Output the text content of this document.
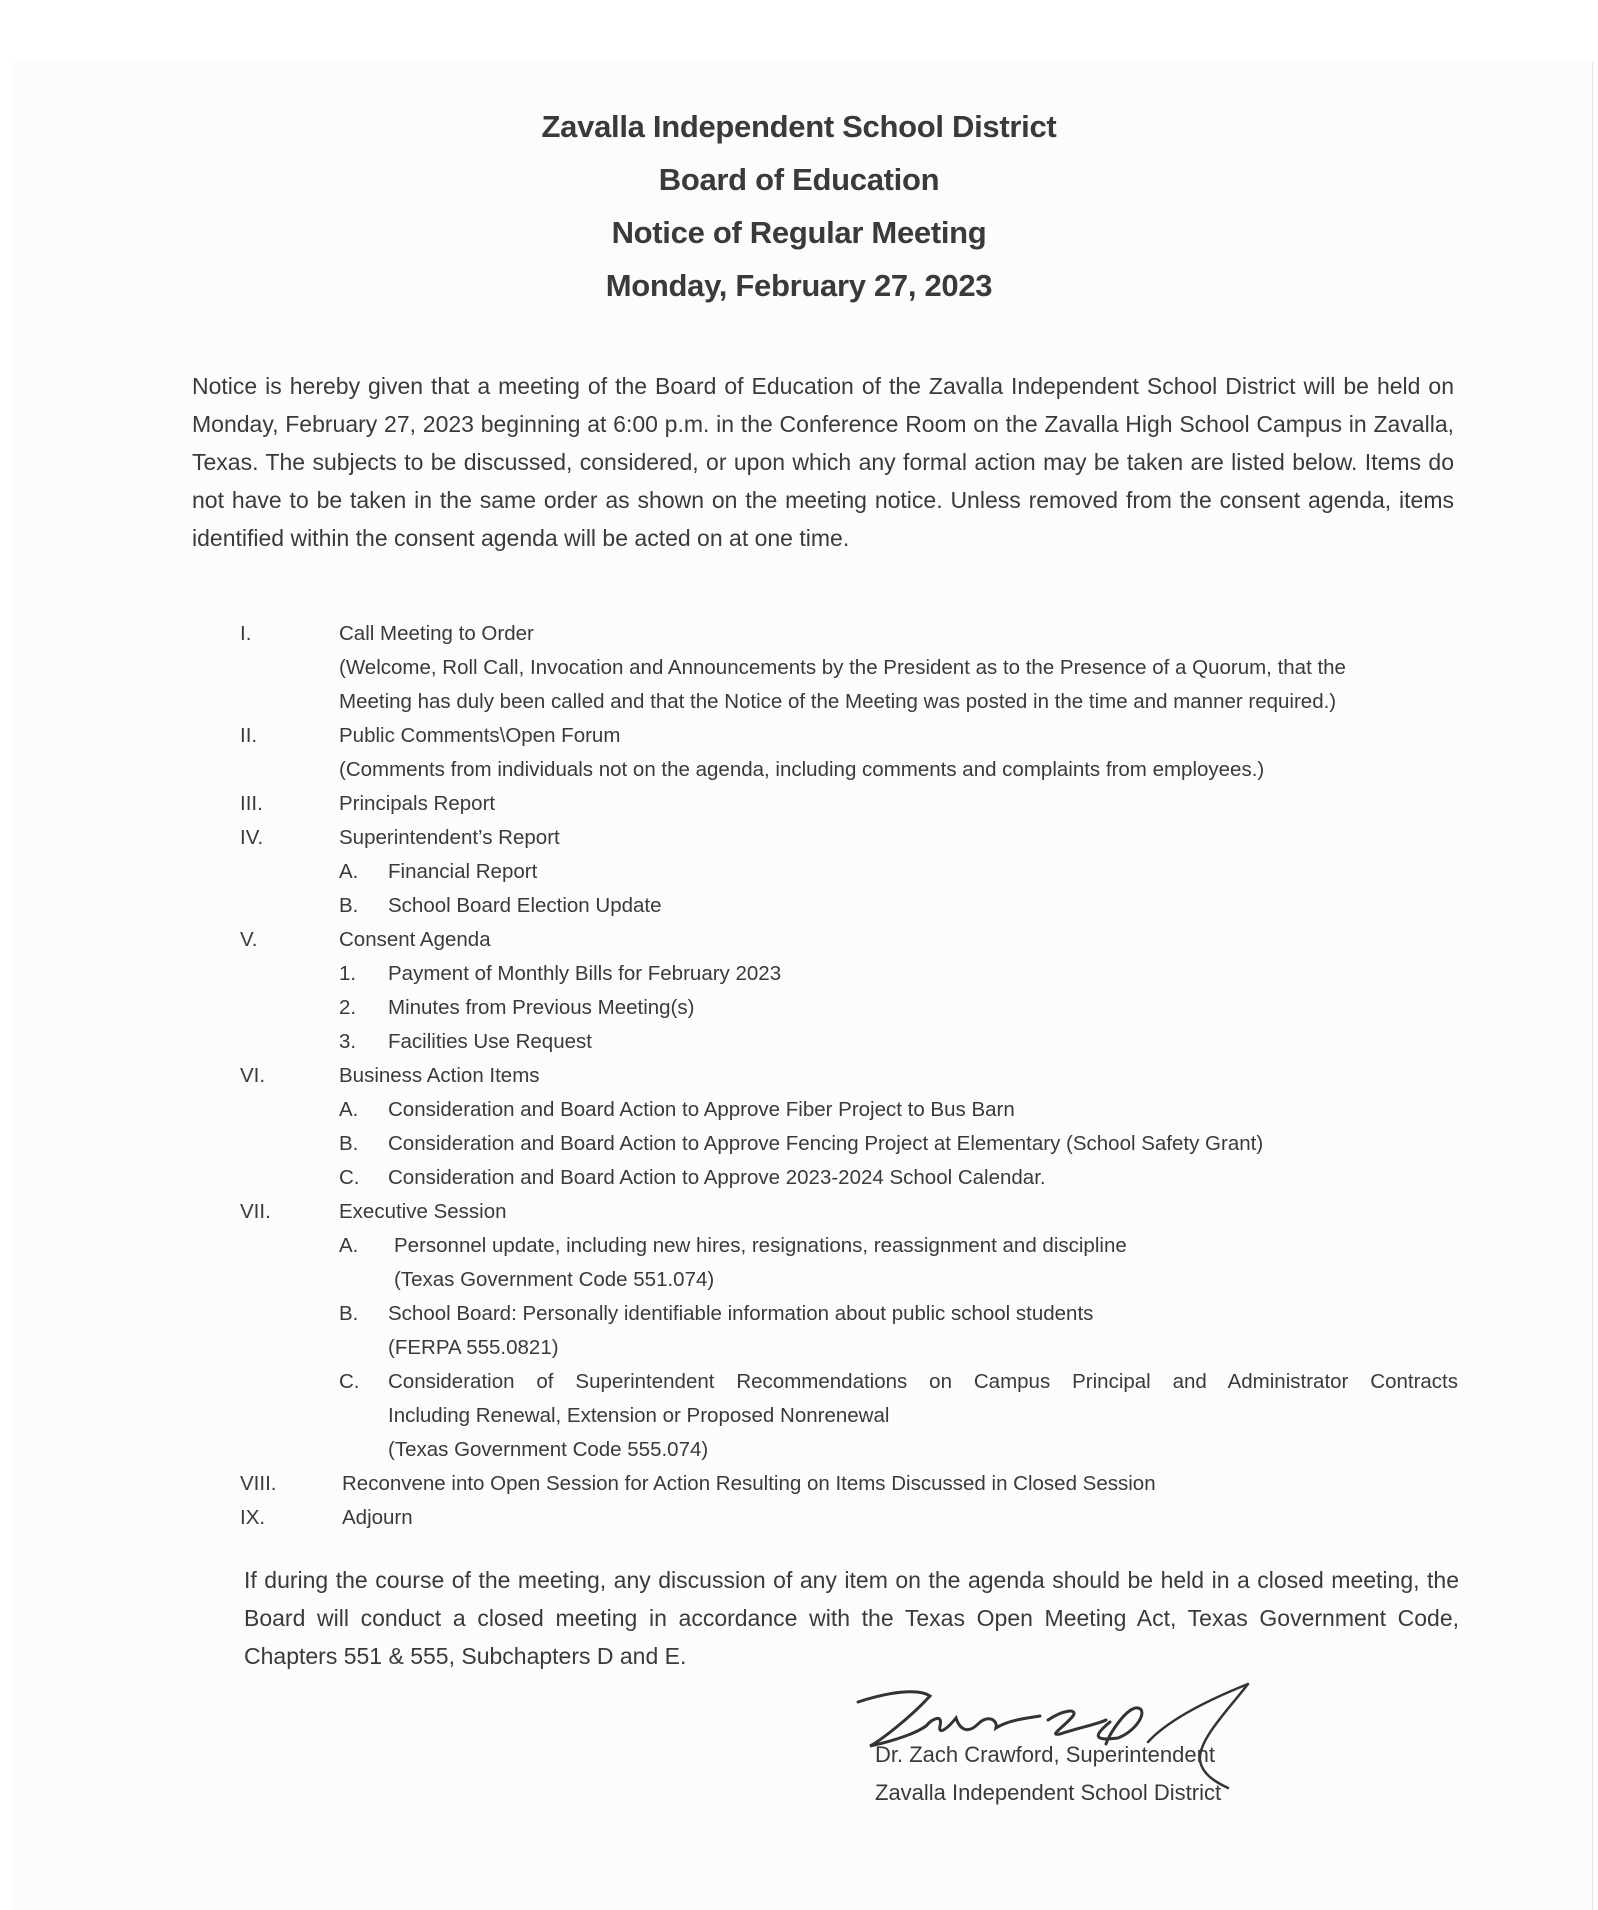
Zavalla Independent School District
Board of Education
Notice of Regular Meeting
Monday, February 27, 2023
Notice is hereby given that a meeting of the Board of Education of the Zavalla Independent School District will be held on Monday, February 27, 2023 beginning at 6:00 p.m. in the Conference Room on the Zavalla High School Campus in Zavalla, Texas. The subjects to be discussed, considered, or upon which any formal action may be taken are listed below. Items do not have to be taken in the same order as shown on the meeting notice. Unless removed from the consent agenda, items identified within the consent agenda will be acted on at one time.
I.	Call Meeting to Order
(Welcome, Roll Call, Invocation and Announcements by the President as to the Presence of a Quorum, that the
Meeting has duly been called and that the Notice of the Meeting was posted in the time and manner required.)
II.	Public Comments\Open Forum
(Comments from individuals not on the agenda, including comments and complaints from employees.)
III.	Principals Report
IV.	Superintendent’s Report
A. Financial Report
B. School Board Election Update
V.	Consent Agenda
1. Payment of Monthly Bills for February 2023
2. Minutes from Previous Meeting(s)
3. Facilities Use Request
VI.	Business Action Items
A. Consideration and Board Action to Approve Fiber Project to Bus Barn
B. Consideration and Board Action to Approve Fencing Project at Elementary (School Safety Grant)
C. Consideration and Board Action to Approve 2023-2024 School Calendar.
VII.	Executive Session
A. Personnel update, including new hires, resignations, reassignment and discipline
(Texas Government Code 551.074)
B. School Board: Personally identifiable information about public school students
(FERPA 555.0821)
C. Consideration of Superintendent Recommendations on Campus Principal and Administrator Contracts
Including Renewal, Extension or Proposed Nonrenewal
(Texas Government Code 555.074)
VIII.	Reconvene into Open Session for Action Resulting on Items Discussed in Closed Session
IX.	Adjourn
If during the course of the meeting, any discussion of any item on the agenda should be held in a closed meeting, the Board will conduct a closed meeting in accordance with the Texas Open Meeting Act, Texas Government Code, Chapters 551 & 555, Subchapters D and E.
Dr. Zach Crawford, Superintendent
Zavalla Independent School District
